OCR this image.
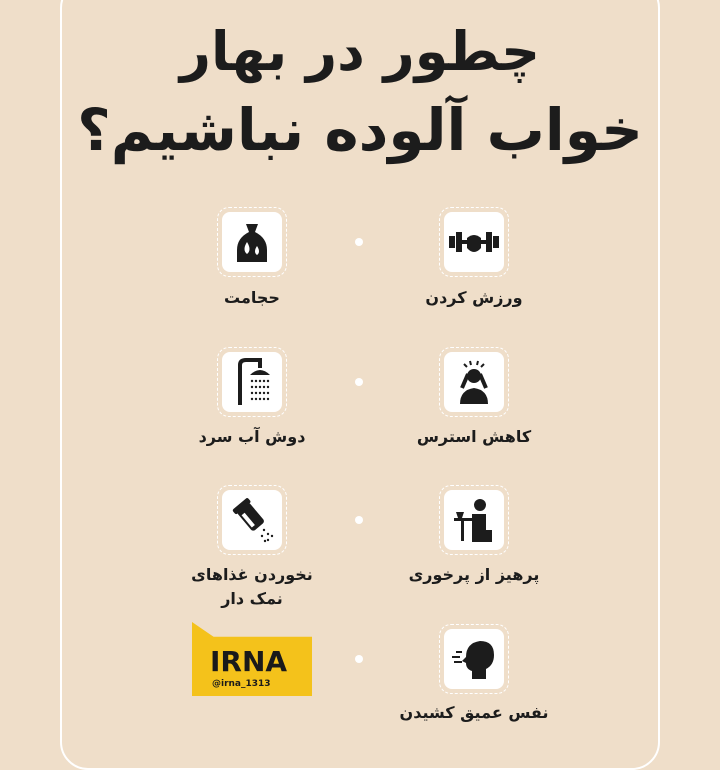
چطور در بهار
خواب آلوده نباشیم؟
ورزش کردن
حجامت
کاهش استرس
دوش آب سرد
پرهیز از پرخوری
نخوردن غذاهای
نمک دار
نفس عمیق کشیدن
IRNA
@irna_1313
